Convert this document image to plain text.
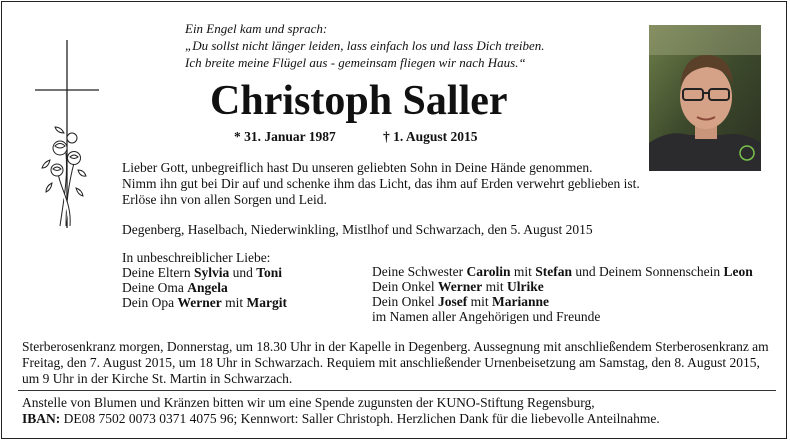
Ein Engel kam und sprach:
„Du sollst nicht länger leiden, lass einfach los und lass Dich treiben.
Ich breite meine Flügel aus - gemeinsam fliegen wir nach Haus.“
Christoph Saller
* 31. Januar 1987	† 1. August 2015
Lieber Gott, unbegreiflich hast Du unseren geliebten Sohn in Deine Hände genommen.
Nimm ihn gut bei Dir auf und schenke ihm das Licht, das ihm auf Erden verwehrt geblieben ist.
Erlöse ihn von allen Sorgen und Leid.
Degenberg, Haselbach, Niederwinkling, Mistlhof und Schwarzach, den 5. August 2015
In unbeschreiblicher Liebe:
Deine Eltern Sylvia und Toni
Deine Oma Angela
Dein Opa Werner mit Margit
Deine Schwester Carolin mit Stefan und Deinem Sonnenschein Leon
Dein Onkel Werner mit Ulrike
Dein Onkel Josef mit Marianne
im Namen aller Angehörigen und Freunde
Sterberosenkranz morgen, Donnerstag, um 18.30 Uhr in der Kapelle in Degenberg. Aussegnung mit anschließendem Sterberosenkranz am
Freitag, den 7. August 2015, um 18 Uhr in Schwarzach. Requiem mit anschließender Urnenbeisetzung am Samstag, den 8. August 2015,
um 9 Uhr in der Kirche St. Martin in Schwarzach.
Anstelle von Blumen und Kränzen bitten wir um eine Spende zugunsten der KUNO-Stiftung Regensburg,
IBAN: DE08 7502 0073 0371 4075 96; Kennwort: Saller Christoph. Herzlichen Dank für die liebevolle Anteilnahme.
